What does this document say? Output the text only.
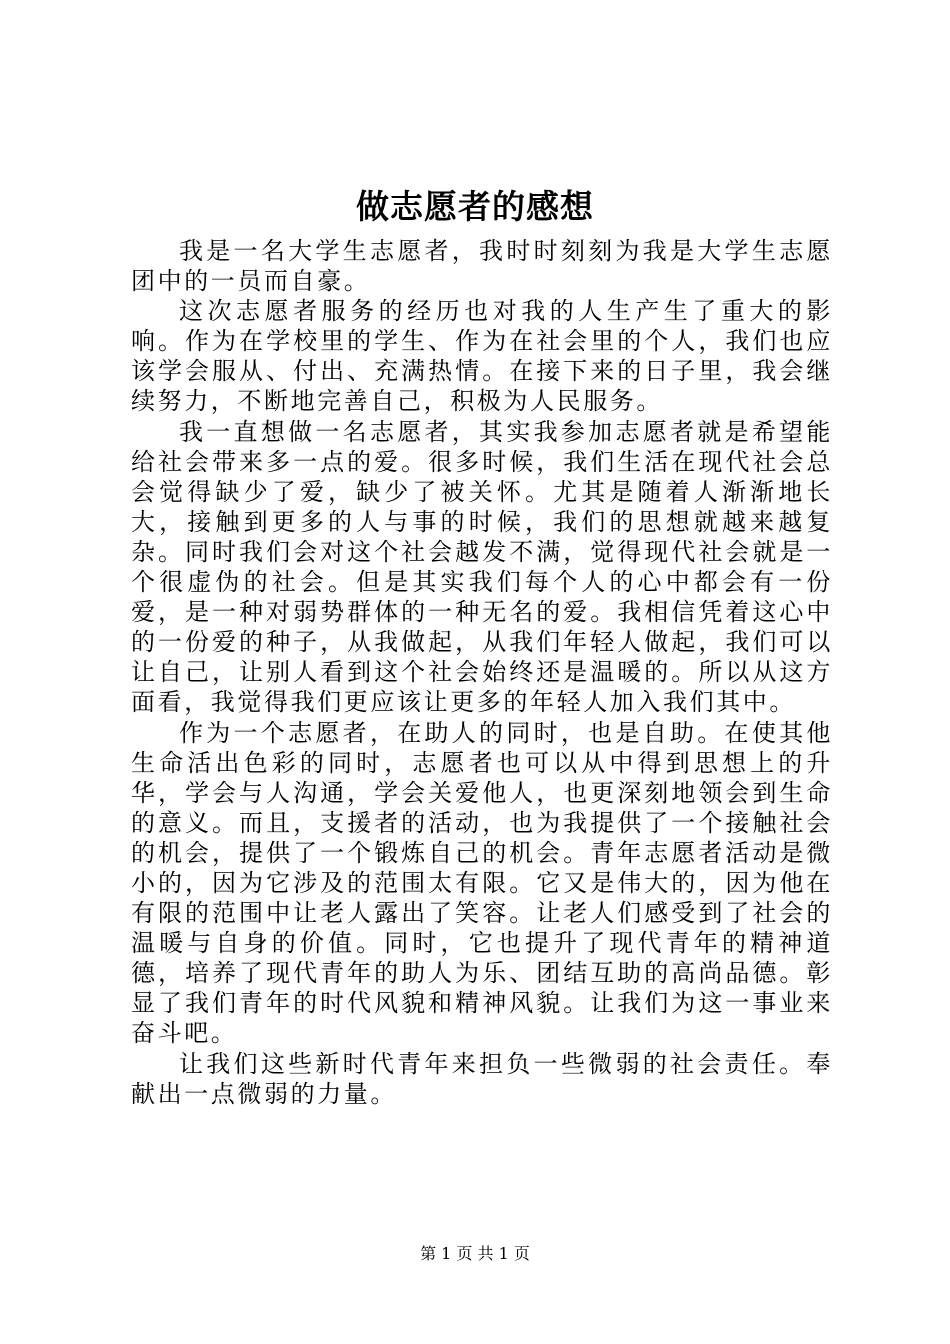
做志愿者的感想

我是一名大学生志愿者，我时时刻刻为我是大学生志愿团中的一员而自豪。

这次志愿者服务的经历也对我的人生产生了重大的影响。作为在学校里的学生、作为在社会里的个人，我们也应该学会服从、付出、充满热情。在接下来的日子里，我会继续努力，不断地完善自己，积极为人民服务。

我一直想做一名志愿者，其实我参加志愿者就是希望能给社会带来多一点的爱。很多时候，我们生活在现代社会总会觉得缺少了爱，缺少了被关怀。尤其是随着人渐渐地长大，接触到更多的人与事的时候，我们的思想就越来越复杂。同时我们会对这个社会越发不满，觉得现代社会就是一个很虚伪的社会。但是其实我们每个人的心中都会有一份爱，是一种对弱势群体的一种无名的爱。我相信凭着这心中的一份爱的种子，从我做起，从我们年轻人做起，我们可以让自己，让别人看到这个社会始终还是温暖的。所以从这方面看，我觉得我们更应该让更多的年轻人加入我们其中。

作为一个志愿者，在助人的同时，也是自助。在使其他生命活出色彩的同时，志愿者也可以从中得到思想上的升华，学会与人沟通，学会关爱他人，也更深刻地领会到生命的意义。而且，支援者的活动，也为我提供了一个接触社会的机会，提供了一个锻炼自己的机会。青年志愿者活动是微小的，因为它涉及的范围太有限。它又是伟大的，因为他在有限的范围中让老人露出了笑容。让老人们感受到了社会的温暖与自身的价值。同时，它也提升了现代青年的精神道德，培养了现代青年的助人为乐、团结互助的高尚品德。彰显了我们青年的时代风貌和精神风貌。让我们为这一事业来奋斗吧。

让我们这些新时代青年来担负一些微弱的社会责任。奉献出一点微弱的力量。

第 1 页 共 1 页
